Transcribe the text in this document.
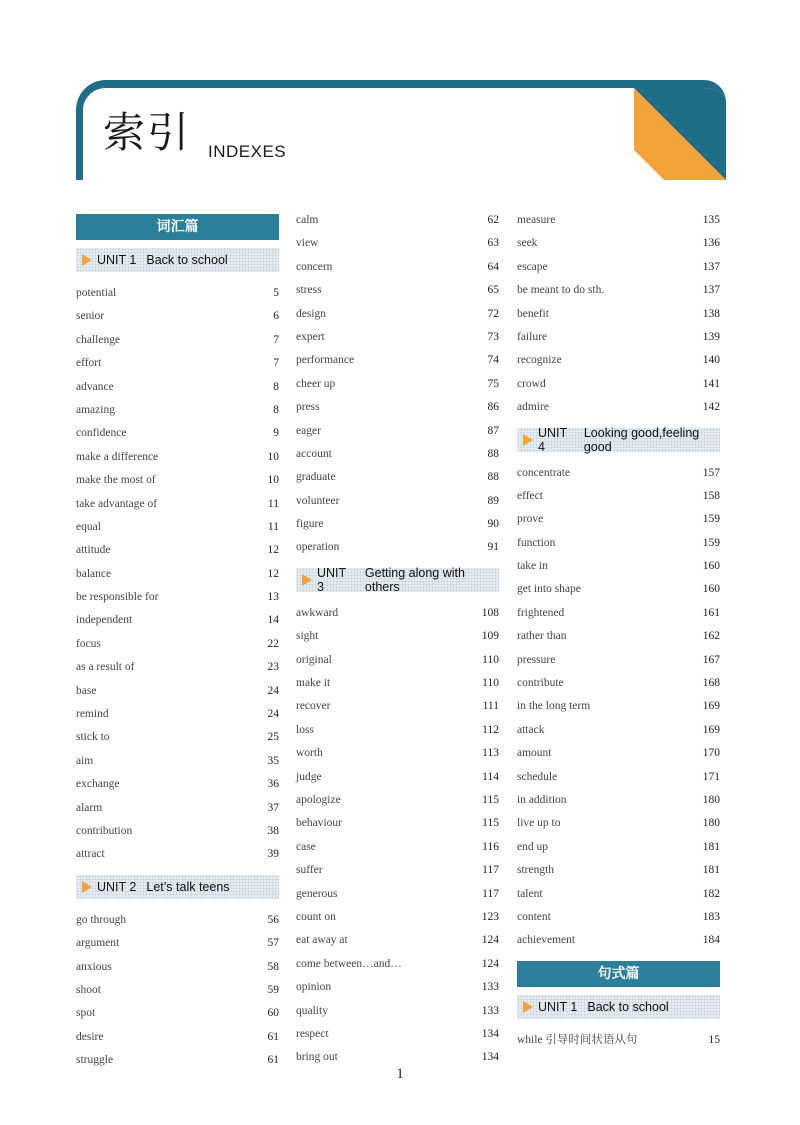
索引 INDEXES
词汇篇
UNIT 1 Back to school
potential	5
senior	6
challenge	7
effort	7
advance	8
amazing	8
confidence	9
make a difference	10
make the most of	10
take advantage of	11
equal	11
attitude	12
balance	12
be responsible for	13
independent	14
focus	22
as a result of	23
base	24
remind	24
stick to	25
aim	35
exchange	36
alarm	37
contribution	38
attract	39
UNIT 2 Let’s talk teens
go through	56
argument	57
anxious	58
shoot	59
spot	60
desire	61
struggle	61
calm	62
view	63
concern	64
stress	65
design	72
expert	73
performance	74
cheer up	75
press	86
eager	87
account	88
graduate	88
volunteer	89
figure	90
operation	91
UNIT 3
Getting along with others
awkward	108
sight	109
original	110
make it	110
recover	111
loss	112
worth	113
judge	114
apologize	115
behaviour	115
case	116
suffer	117
generous	117
count on	123
eat away at	124
come between…and…	124
opinion	133
quality	133
respect	134
bring out	134
measure	135
seek	136
escape	137
be meant to do sth.	137
benefit	138
failure	139
recognize	140
crowd	141
admire	142
UNIT 4
Looking good,feeling good
concentrate	157
effect	158
prove	159
function	159
take in	160
get into shape	160
frightened	161
rather than	162
pressure	167
contribute	168
in the long term	169
attack	169
amount	170
schedule	171
in addition	180
live up to	180
end up	181
strength	181
talent	182
content	183
achievement	184
句式篇
UNIT 1 Back to school
while 引导时间状语从句	15
1
